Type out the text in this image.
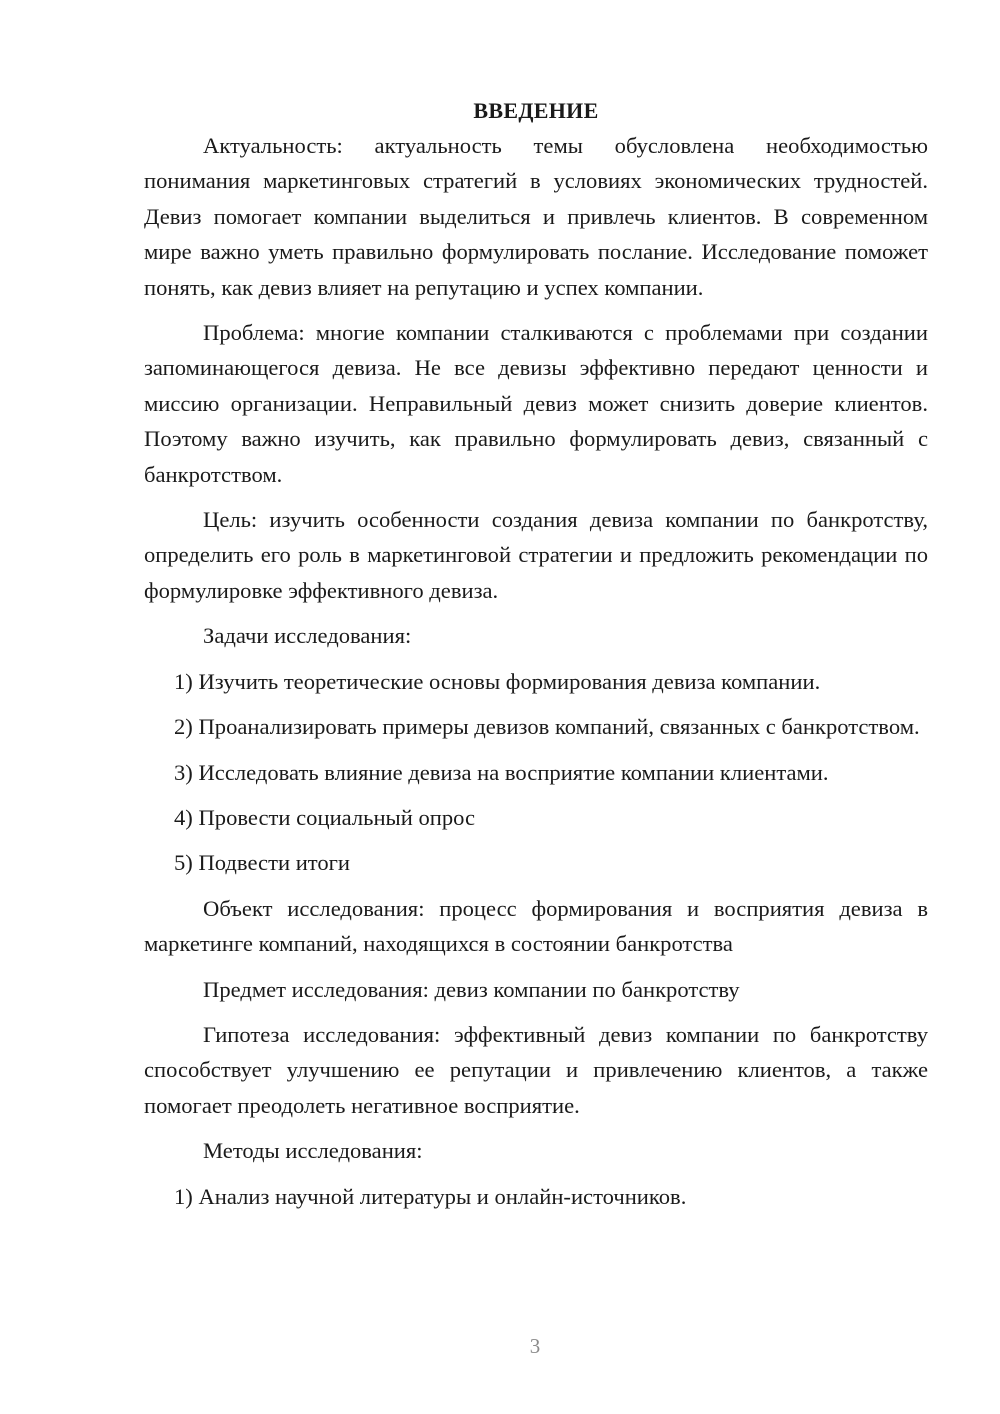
ВВЕДЕНИЕ

Актуальность: актуальность темы обусловлена необходимостью понимания маркетинговых стратегий в условиях экономических трудностей. Девиз помогает компании выделиться и привлечь клиентов. В современном мире важно уметь правильно формулировать послание. Исследование поможет понять, как девиз влияет на репутацию и успех компании.

Проблема: многие компании сталкиваются с проблемами при создании запоминающегося девиза. Не все девизы эффективно передают ценности и миссию организации. Неправильный девиз может снизить доверие клиентов. Поэтому важно изучить, как правильно формулировать девиз, связанный с банкротством.

Цель: изучить особенности создания девиза компании по банкротству, определить его роль в маркетинговой стратегии и предложить рекомендации по формулировке эффективного девиза.

Задачи исследования:

1) Изучить теоретические основы формирования девиза компании.

2) Проанализировать примеры девизов компаний, связанных с банкротством.

3) Исследовать влияние девиза на восприятие компании клиентами.

4) Провести социальный опрос

5) Подвести итоги

Объект исследования: процесс формирования и восприятия девиза в маркетинге компаний, находящихся в состоянии банкротства

Предмет исследования: девиз компании по банкротству

Гипотеза исследования: эффективный девиз компании по банкротству способствует улучшению ее репутации и привлечению клиентов, а также помогает преодолеть негативное восприятие.

Методы исследования:

1) Анализ научной литературы и онлайн-источников.

3
